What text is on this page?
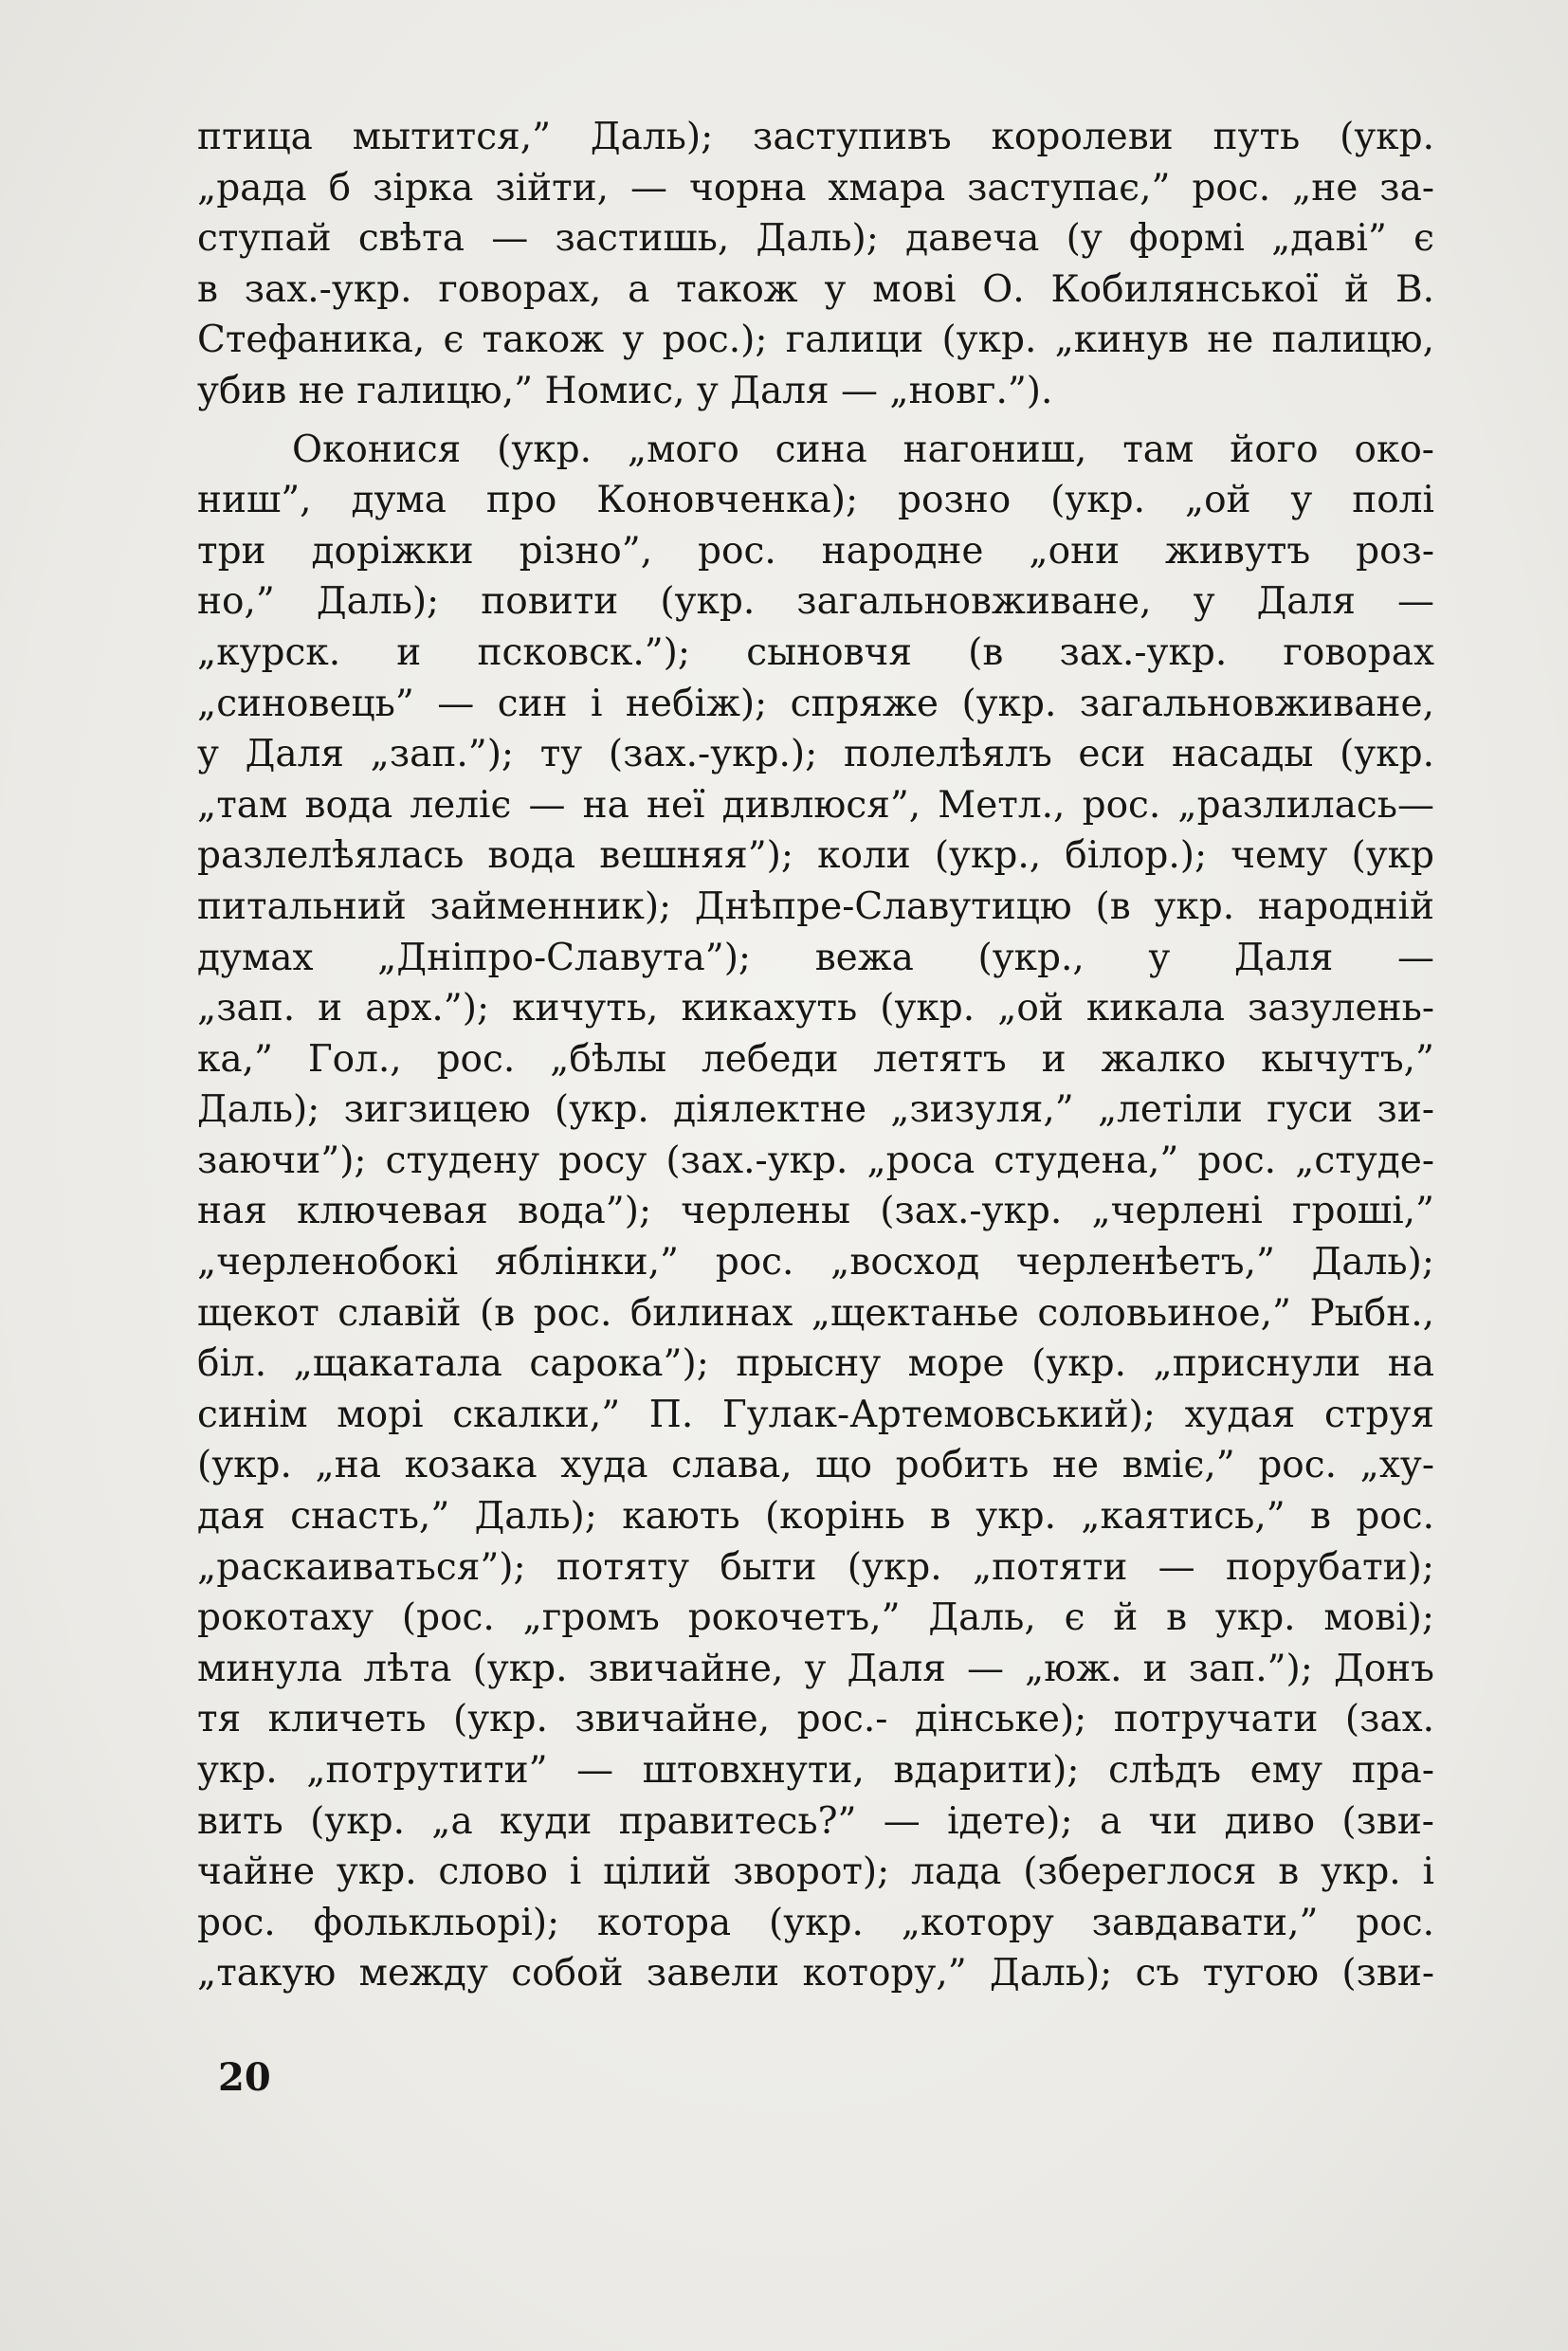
птица мытится,” Даль); заступивъ королеви путь (укр.
„рада б зірка зійти, — чорна хмара заступає,” рос. „не за-
ступай свѣта — застишь, Даль); давеча (у формі „даві” є
в зах.-укр. говорах, а також у мові О. Кобилянської й В.
Стефаника, є також у рос.); галици (укр. „кинув не палицю,
убив не галицю,” Номис, у Даля — „новг.”).
Оконися (укр. „мого сина нагониш, там його око-
ниш”, дума про Коновченка); розно (укр. „ой у полі
три доріжки різно”, рос. народне „они живутъ роз-
но,” Даль); повити (укр. загальновживане, у Даля —
„курск. и псковск.”); сыновчя (в зах.-укр. говорах
„синовець” — син і небіж); спряже (укр. загальновживане,
у Даля „зап.”); ту (зах.-укр.); полелѣялъ еси насады (укр.
„там вода леліє — на неї дивлюся”, Метл., рос. „разлилась—
разлелѣялась вода вешняя”); коли (укр., білор.); чему (укр
питальний займенник); Днѣпре-Славутицю (в укр. народній
думах „Дніпро-Славута”); вежа (укр., у Даля —
„зап. и арх.”); кичуть, кикахуть (укр. „ой кикала зазулень-
ка,” Гол., рос. „бѣлы лебеди летятъ и жалко кычутъ,”
Даль); зигзицею (укр. діялектне „зизуля,” „летіли гуси зи-
заючи”); студену росу (зах.-укр. „роса студена,” рос. „студе-
ная ключевая вода”); черлены (зах.-укр. „черлені гроші,”
„черленобокі яблінки,” рос. „восход черленѣетъ,” Даль);
щекот славій (в рос. билинах „щектанье соловьиное,” Рыбн.,
біл. „щакатала сарока”); прысну море (укр. „приснули на
синім морі скалки,” П. Гулак-Артемовський); худая струя
(укр. „на козака худа слава, що робить не вміє,” рос. „ху-
дая снасть,” Даль); кають (корінь в укр. „каятись,” в рос.
„раскаиваться”); потяту быти (укр. „потяти — порубати);
рокотаху (рос. „громъ рокочетъ,” Даль, є й в укр. мові);
минула лѣта (укр. звичайне, у Даля — „юж. и зап.”); Донъ
тя кличеть (укр. звичайне, рос.- дінське); потручати (зах.
укр. „потрутити” — штовхнути, вдарити); слѣдъ ему пра-
вить (укр. „а куди правитесь?” — ідете); а чи диво (зви-
чайне укр. слово і цілий зворот); лада (збереглося в укр. і
рос. фолькльорі); котора (укр. „котору завдавати,” рос.
„такую между собой завели котору,” Даль); съ тугою (зви-
20
